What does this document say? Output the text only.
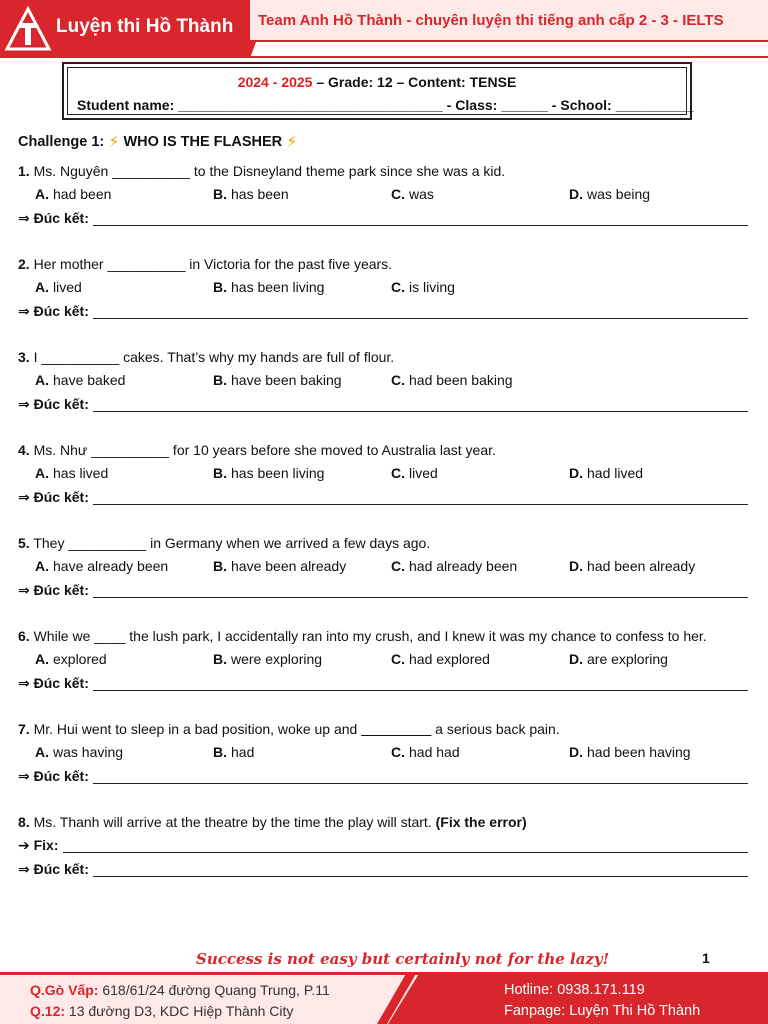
Luyện thi Hồ Thành Team Anh Hồ Thành - chuyên luyện thi tiếng anh cấp 2 - 3 - IELTS
2024 - 2025 – Grade: 12 – Content: TENSE
Student name: __________________________________ - Class: ______ - School: __________
Challenge 1: ⚡ WHO IS THE FLASHER ⚡
1. Ms. Nguyên __________ to the Disneyland theme park since she was a kid.
A. had been	B. has been	C. was	D. was being
⇒ Đúc kết:
2. Her mother __________ in Victoria for the past five years.
A. lived	B. has been living	C. is living
⇒ Đúc kết:
3. I __________ cakes. That’s why my hands are full of flour.
A. have baked	B. have been baking	C. had been baking
⇒ Đúc kết:
4. Ms. Như __________ for 10 years before she moved to Australia last year.
A. has lived	B. has been living	C. lived	D. had lived
⇒ Đúc kết:
5. They __________ in Germany when we arrived a few days ago.
A. have already been	B. have been already	C. had already been	D. had been already
⇒ Đúc kết:
6. While we ____ the lush park, I accidentally ran into my crush, and I knew it was my chance to confess to her.
A. explored	B. were exploring	C. had explored	D. are exploring
⇒ Đúc kết:
7. Mr. Hui went to sleep in a bad position, woke up and _________ a serious back pain.
A. was having	B. had	C. had had	D. had been having
⇒ Đúc kết:
8. Ms. Thanh will arrive at the theatre by the time the play will start. (Fix the error)
➔ Fix:
⇒ Đúc kết:
Success is not easy but certainly not for the lazy!	1
Q.Gò Vấp: 618/61/24 đường Quang Trung, P.11
Q.12: 13 đường D3, KDC Hiệp Thành City
Hotline: 0938.171.119
Fanpage: Luyện Thi Hồ Thành
